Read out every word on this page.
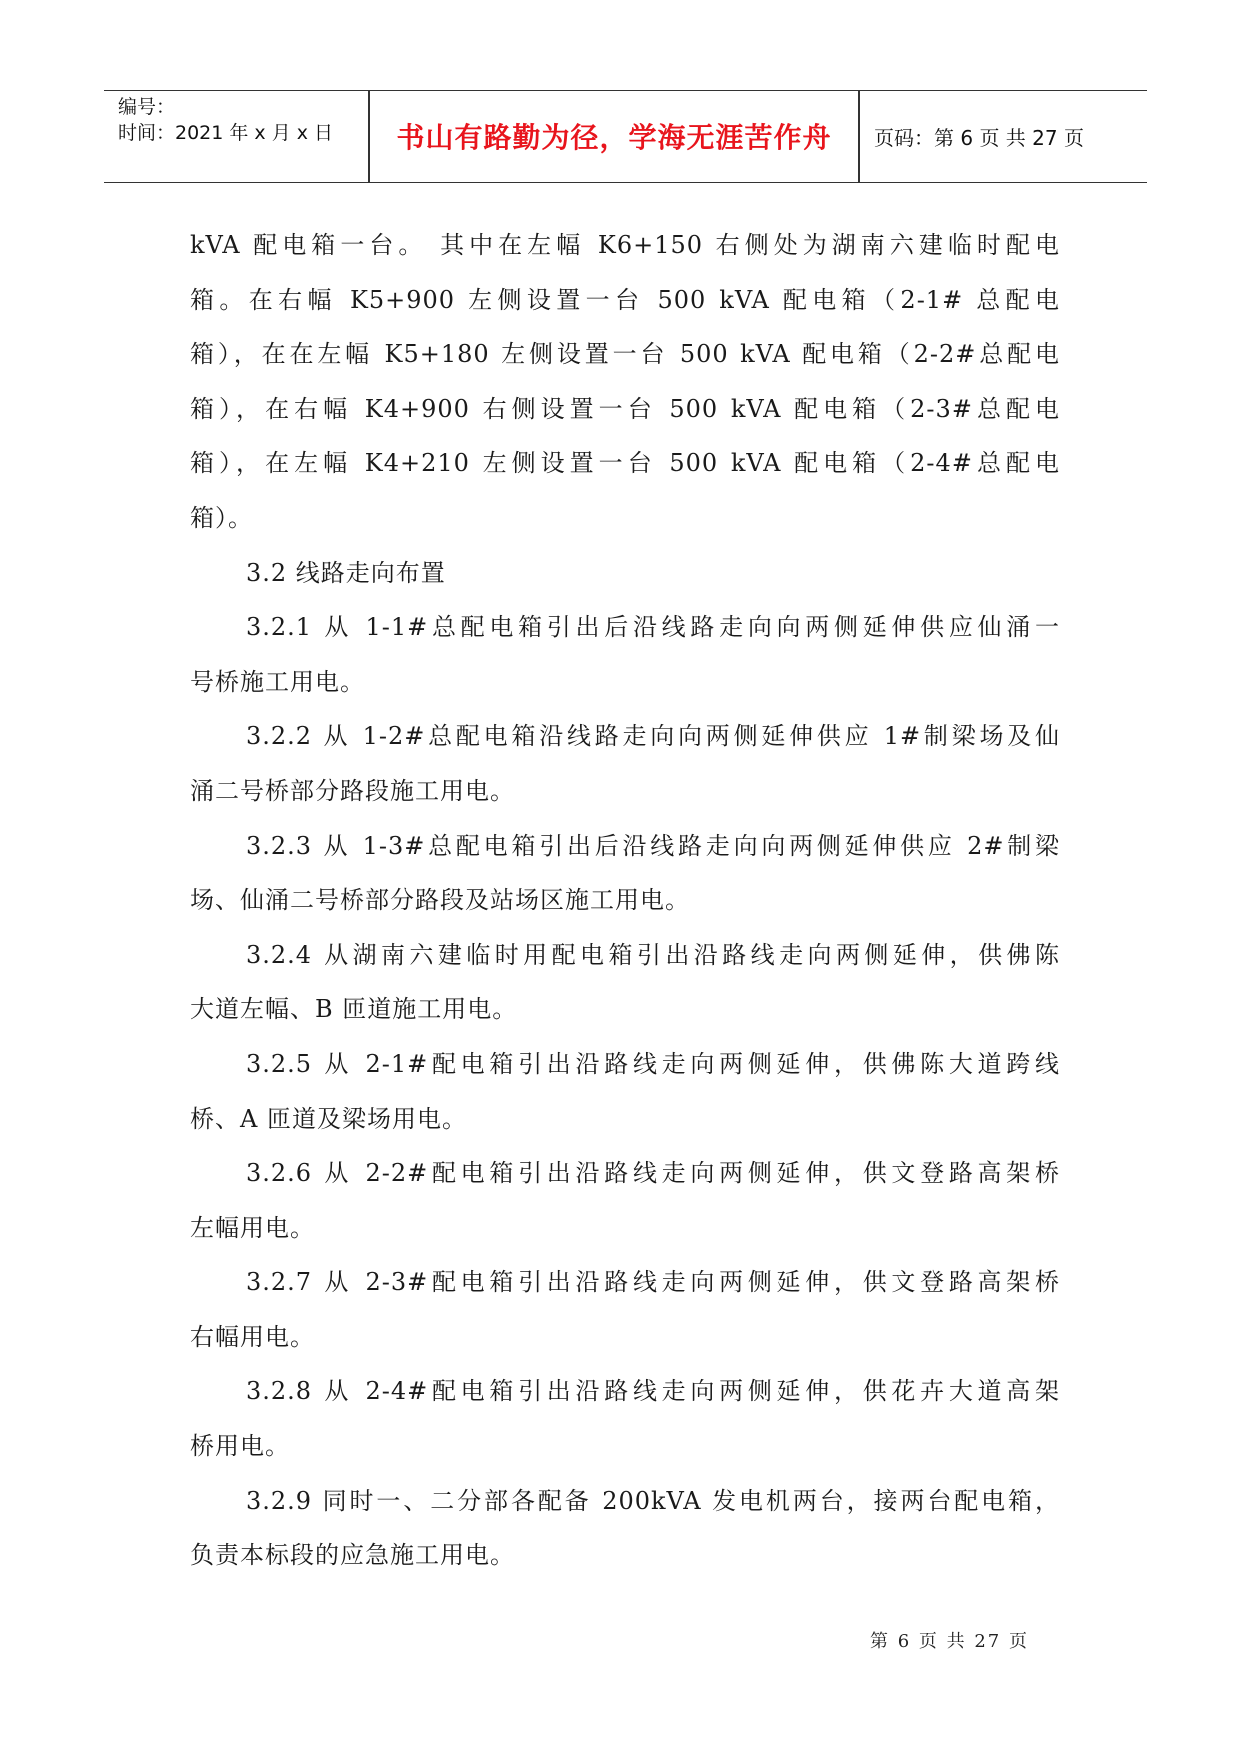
编号：
时间：2021 年 x 月 x 日	书山有路勤为径，学海无涯苦作舟	页码：第 6 页 共 27 页
kVA 配电箱一台。 其中在左幅 K6+150 右侧处为湖南六建临时配电
箱。在右幅 K5+900 左侧设置一台 500 kVA 配电箱（2-1# 总配电
箱），在在左幅 K5+180 左侧设置一台 500 kVA 配电箱（2-2#总配电
箱），在右幅 K4+900 右侧设置一台 500 kVA 配电箱（2-3#总配电
箱），在左幅 K4+210 左侧设置一台 500 kVA 配电箱（2-4#总配电
箱）。
3.2 线路走向布置
3.2.1 从 1-1#总配电箱引出后沿线路走向向两侧延伸供应仙涌一
号桥施工用电。
3.2.2 从 1-2#总配电箱沿线路走向向两侧延伸供应 1#制梁场及仙
涌二号桥部分路段施工用电。
3.2.3 从 1-3#总配电箱引出后沿线路走向向两侧延伸供应 2#制梁
场、仙涌二号桥部分路段及站场区施工用电。
3.2.4 从湖南六建临时用配电箱引出沿路线走向两侧延伸，供佛陈
大道左幅、B 匝道施工用电。
3.2.5 从 2-1#配电箱引出沿路线走向两侧延伸，供佛陈大道跨线
桥、A 匝道及梁场用电。
3.2.6 从 2-2#配电箱引出沿路线走向两侧延伸，供文登路高架桥
左幅用电。
3.2.7 从 2-3#配电箱引出沿路线走向两侧延伸，供文登路高架桥
右幅用电。
3.2.8 从 2-4#配电箱引出沿路线走向两侧延伸，供花卉大道高架
桥用电。
3.2.9 同时一、二分部各配备 200kVA 发电机两台，接两台配电箱，
负责本标段的应急施工用电。
第 6 页 共 27 页
